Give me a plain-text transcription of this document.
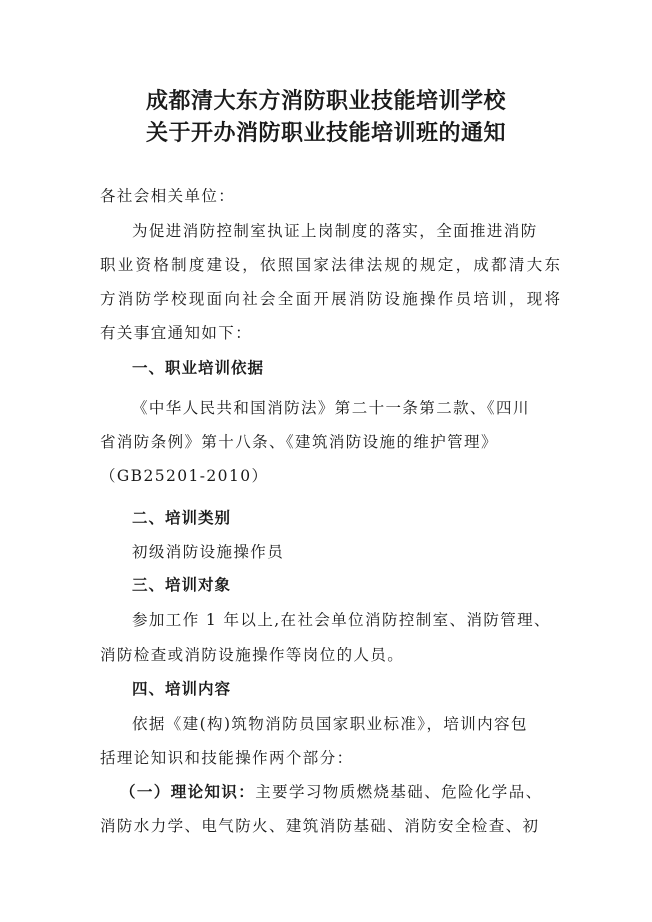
成都清大东方消防职业技能培训学校
关于开办消防职业技能培训班的通知
各社会相关单位：
为促进消防控制室执证上岗制度的落实，全面推进消防
职业资格制度建设，依照国家法律法规的规定，成都清大东
方消防学校现面向社会全面开展消防设施操作员培训，现将
有关事宜通知如下：
一、职业培训依据
《中华人民共和国消防法》第二十一条第二款、《四川
省消防条例》第十八条、《建筑消防设施的维护管理》
（GB25201-2010）
二、培训类别
初级消防设施操作员
三、培训对象
参加工作 1 年以上,在社会单位消防控制室、消防管理、
消防检查或消防设施操作等岗位的人员。
四、培训内容
依据《建(构)筑物消防员国家职业标准》，培训内容包
括理论知识和技能操作两个部分：
（一）理论知识：主要学习物质燃烧基础、危险化学品、
消防水力学、电气防火、建筑消防基础、消防安全检查、初
